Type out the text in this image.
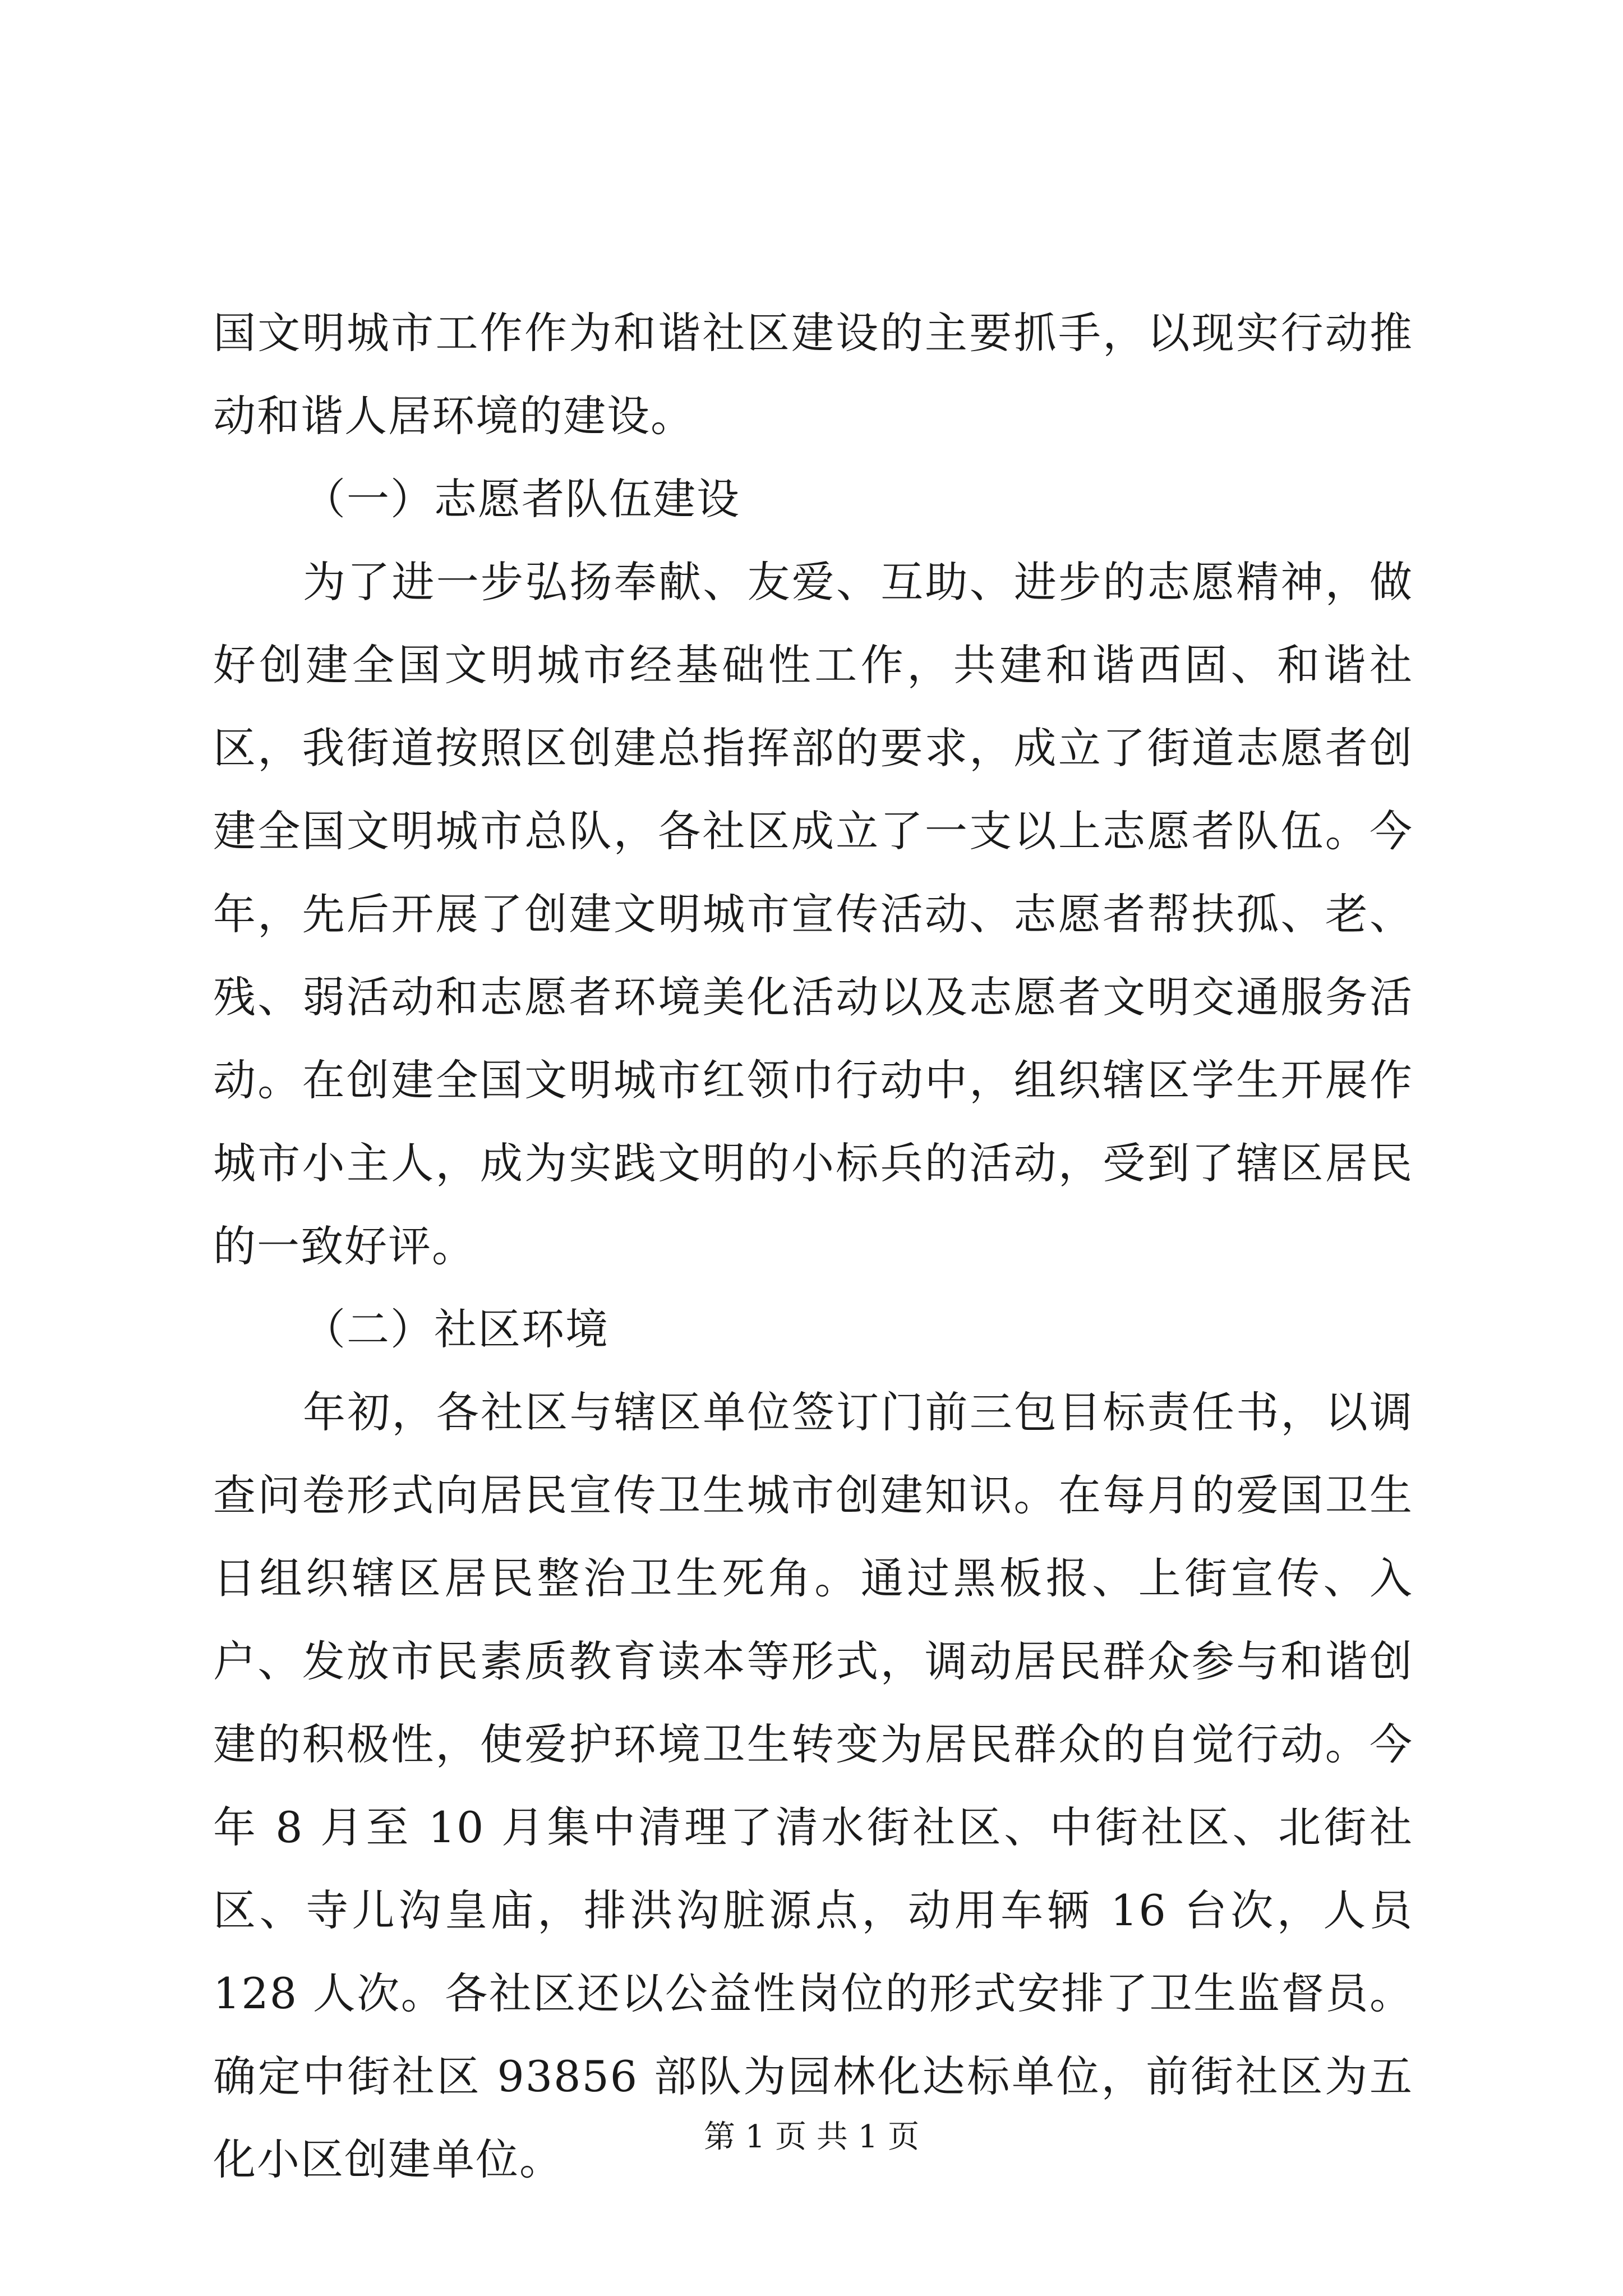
国文明城市工作作为和谐社区建设的主要抓手，以现实行动推动和谐人居环境的建设。

（一）志愿者队伍建设

为了进一步弘扬奉献、友爱、互助、进步的志愿精神，做好创建全国文明城市经基础性工作，共建和谐西固、和谐社区，我街道按照区创建总指挥部的要求，成立了街道志愿者创建全国文明城市总队，各社区成立了一支以上志愿者队伍。今年，先后开展了创建文明城市宣传活动、志愿者帮扶孤、老、残、弱活动和志愿者环境美化活动以及志愿者文明交通服务活动。在创建全国文明城市红领巾行动中，组织辖区学生开展作城市小主人，成为实践文明的小标兵的活动，受到了辖区居民的一致好评。

（二）社区环境

年初，各社区与辖区单位签订门前三包目标责任书，以调查问卷形式向居民宣传卫生城市创建知识。在每月的爱国卫生日组织辖区居民整治卫生死角。通过黑板报、上街宣传、入户、发放市民素质教育读本等形式，调动居民群众参与和谐创建的积极性，使爱护环境卫生转变为居民群众的自觉行动。今年 8 月至 10 月集中清理了清水街社区、中街社区、北街社区、寺儿沟皇庙，排洪沟脏源点，动用车辆 16 台次，人员 128 人次。各社区还以公益性岗位的形式安排了卫生监督员。确定中街社区 93856 部队为园林化达标单位，前街社区为五化小区创建单位。	第 1 页 共 1 页
